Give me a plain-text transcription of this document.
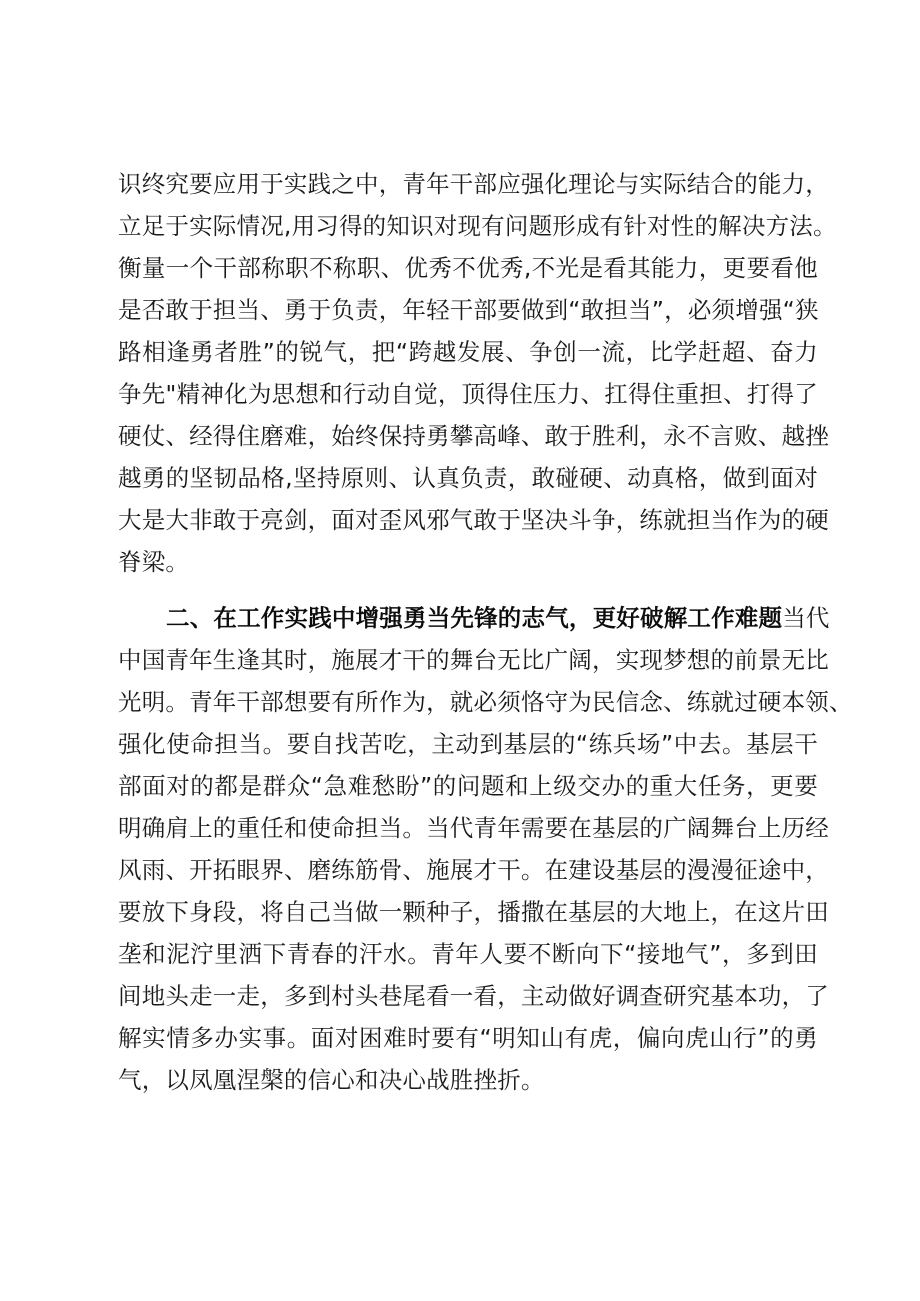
识终究要应用于实践之中，青年干部应强化理论与实际结合的能力，
立足于实际情况,用习得的知识对现有问题形成有针对性的解决方法。
衡量一个干部称职不称职、优秀不优秀,不光是看其能力，更要看他
是否敢于担当、勇于负责，年轻干部要做到“敢担当”，必须增强“狭
路相逢勇者胜”的锐气，把“跨越发展、争创一流，比学赶超、奋力
争先"精神化为思想和行动自觉，顶得住压力、扛得住重担、打得了
硬仗、经得住磨难，始终保持勇攀高峰、敢于胜利，永不言败、越挫
越勇的坚韧品格,坚持原则、认真负责，敢碰硬、动真格，做到面对
大是大非敢于亮剑，面对歪风邪气敢于坚决斗争，练就担当作为的硬
脊梁。
二、在工作实践中增强勇当先锋的志气，更好破解工作难题当代
中国青年生逢其时，施展才干的舞台无比广阔，实现梦想的前景无比
光明。青年干部想要有所作为，就必须恪守为民信念、练就过硬本领、
强化使命担当。要自找苦吃，主动到基层的“练兵场”中去。基层干
部面对的都是群众“急难愁盼”的问题和上级交办的重大任务，更要
明确肩上的重任和使命担当。当代青年需要在基层的广阔舞台上历经
风雨、开拓眼界、磨练筋骨、施展才干。在建设基层的漫漫征途中，
要放下身段，将自己当做一颗种子，播撒在基层的大地上，在这片田
垄和泥泞里洒下青春的汗水。青年人要不断向下“接地气”，多到田
间地头走一走，多到村头巷尾看一看，主动做好调查研究基本功，了
解实情多办实事。面对困难时要有“明知山有虎，偏向虎山行”的勇
气，以凤凰涅槃的信心和决心战胜挫折。
